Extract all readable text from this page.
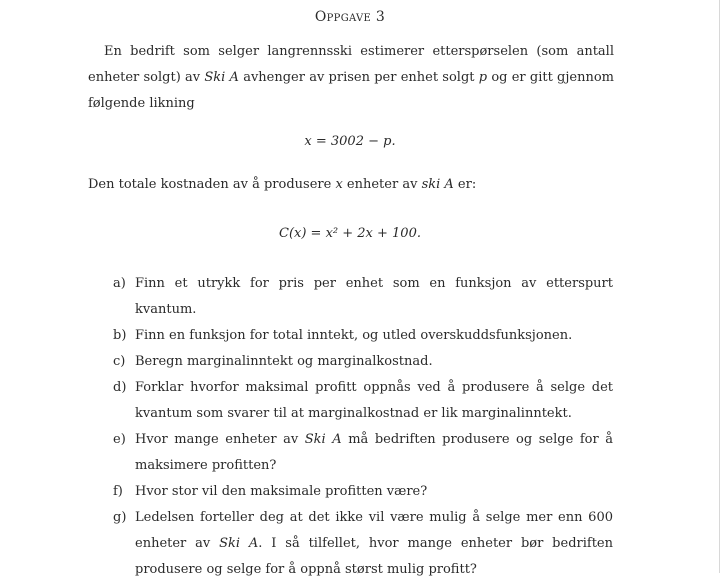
Oppgave 3
En bedrift som selger langrennsski estimerer etterspørselen (som antall enheter solgt) av Ski A avhenger av prisen per enhet solgt p og er gitt gjennom følgende likning
x = 3002 − p.
Den totale kostnaden av å produsere x enheter av ski A er:
C(x) = x² + 2x + 100.
a) Finn et utrykk for pris per enhet som en funksjon av etterspurt kvantum.
b) Finn en funksjon for total inntekt, og utled overskuddsfunksjonen.
c) Beregn marginalinntekt og marginalkostnad.
d) Forklar hvorfor maksimal profitt oppnås ved å produsere å selge det kvantum som svarer til at marginalkostnad er lik marginalinntekt.
e) Hvor mange enheter av Ski A må bedriften produsere og selge for å maksimere profitten?
f) Hvor stor vil den maksimale profitten være?
g) Ledelsen forteller deg at det ikke vil være mulig å selge mer enn 600 enheter av Ski A. I så tilfellet, hvor mange enheter bør bedriften produsere og selge for å oppnå størst mulig profitt?
